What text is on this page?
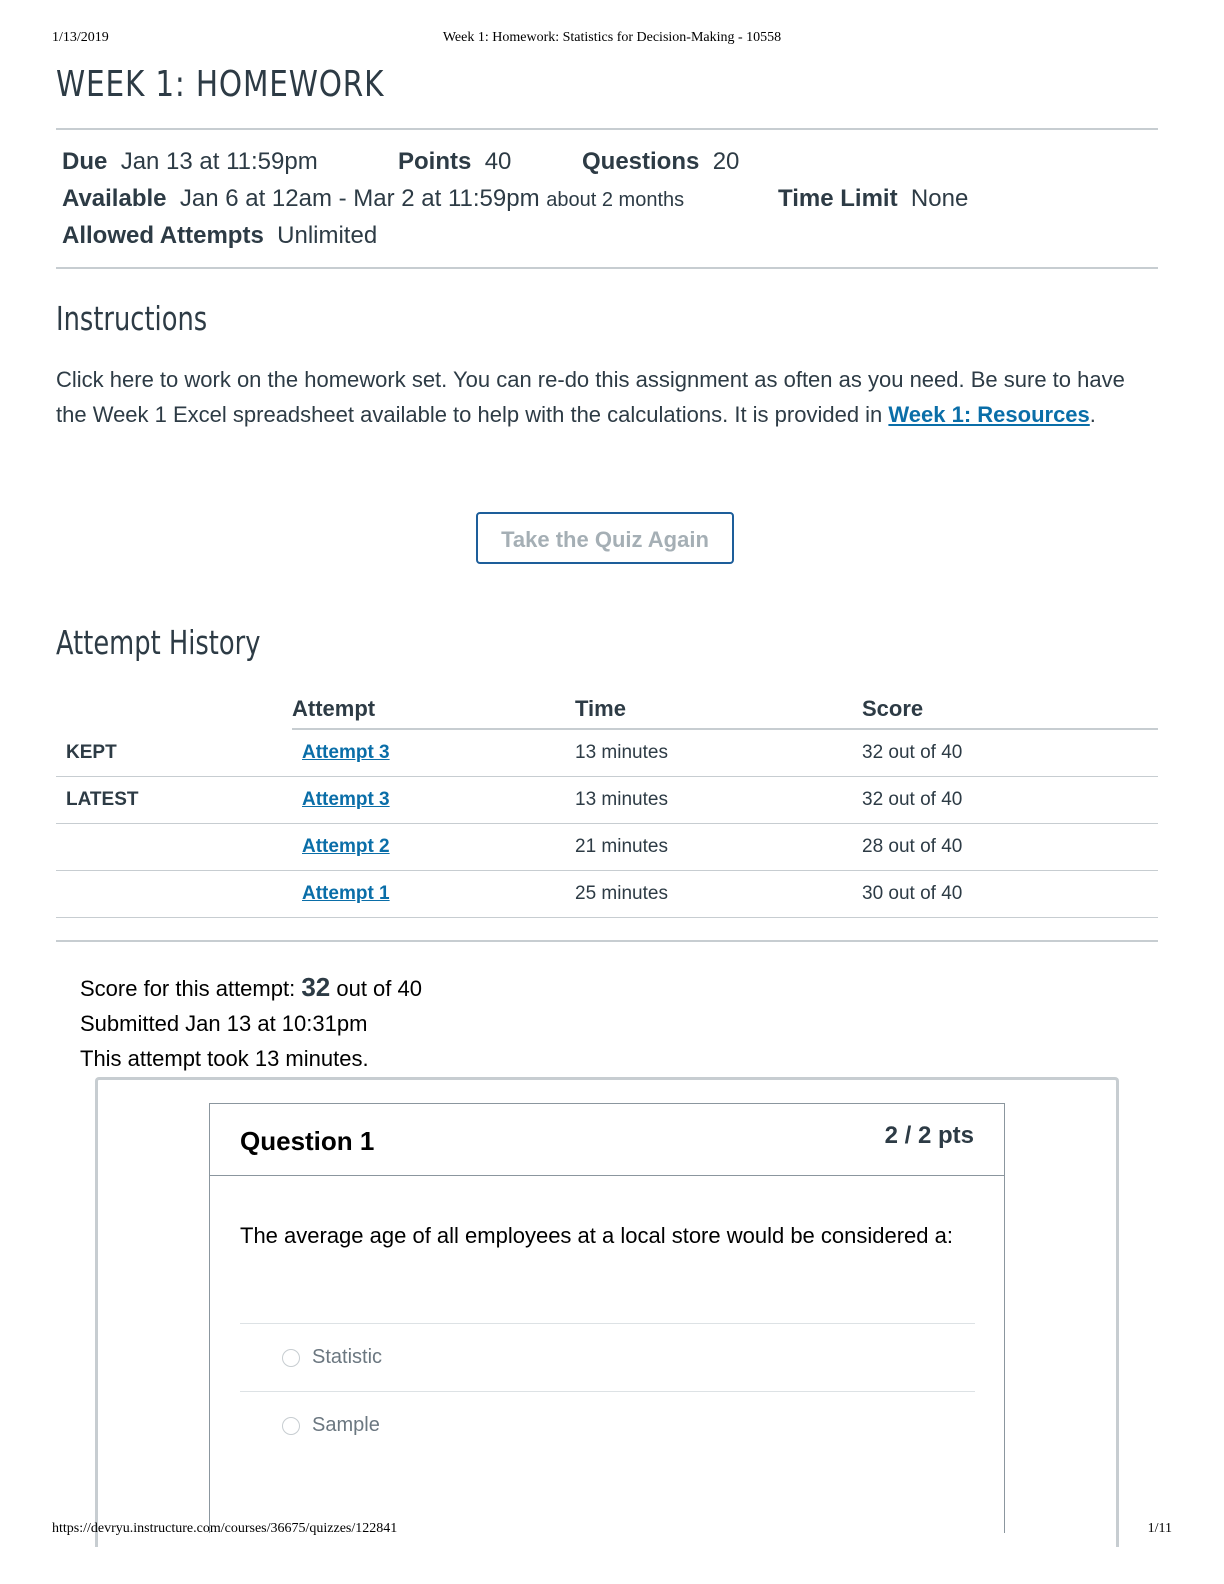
1/13/2019	Week 1: Homework: Statistics for Decision-Making - 10558
WEEK 1: HOMEWORK
Due Jan 13 at 11:59pm	Points 40	Questions 20
Available Jan 6 at 12am - Mar 2 at 11:59pm about 2 months	Time Limit None
Allowed Attempts Unlimited
Instructions
Click here to work on the homework set. You can re-do this assignment as often as you need. Be sure to have the Week 1 Excel spreadsheet available to help with the calculations. It is provided in Week 1: Resources.
Take the Quiz Again
Attempt History
	Attempt	Time	Score
KEPT	Attempt 3	13 minutes	32 out of 40
LATEST	Attempt 3	13 minutes	32 out of 40
	Attempt 2	21 minutes	28 out of 40
	Attempt 1	25 minutes	30 out of 40
Score for this attempt: 32 out of 40
Submitted Jan 13 at 10:31pm
This attempt took 13 minutes.
Question 1	2 / 2 pts
The average age of all employees at a local store would be considered a:
Statistic
Sample
https://devryu.instructure.com/courses/36675/quizzes/122841	1/11
